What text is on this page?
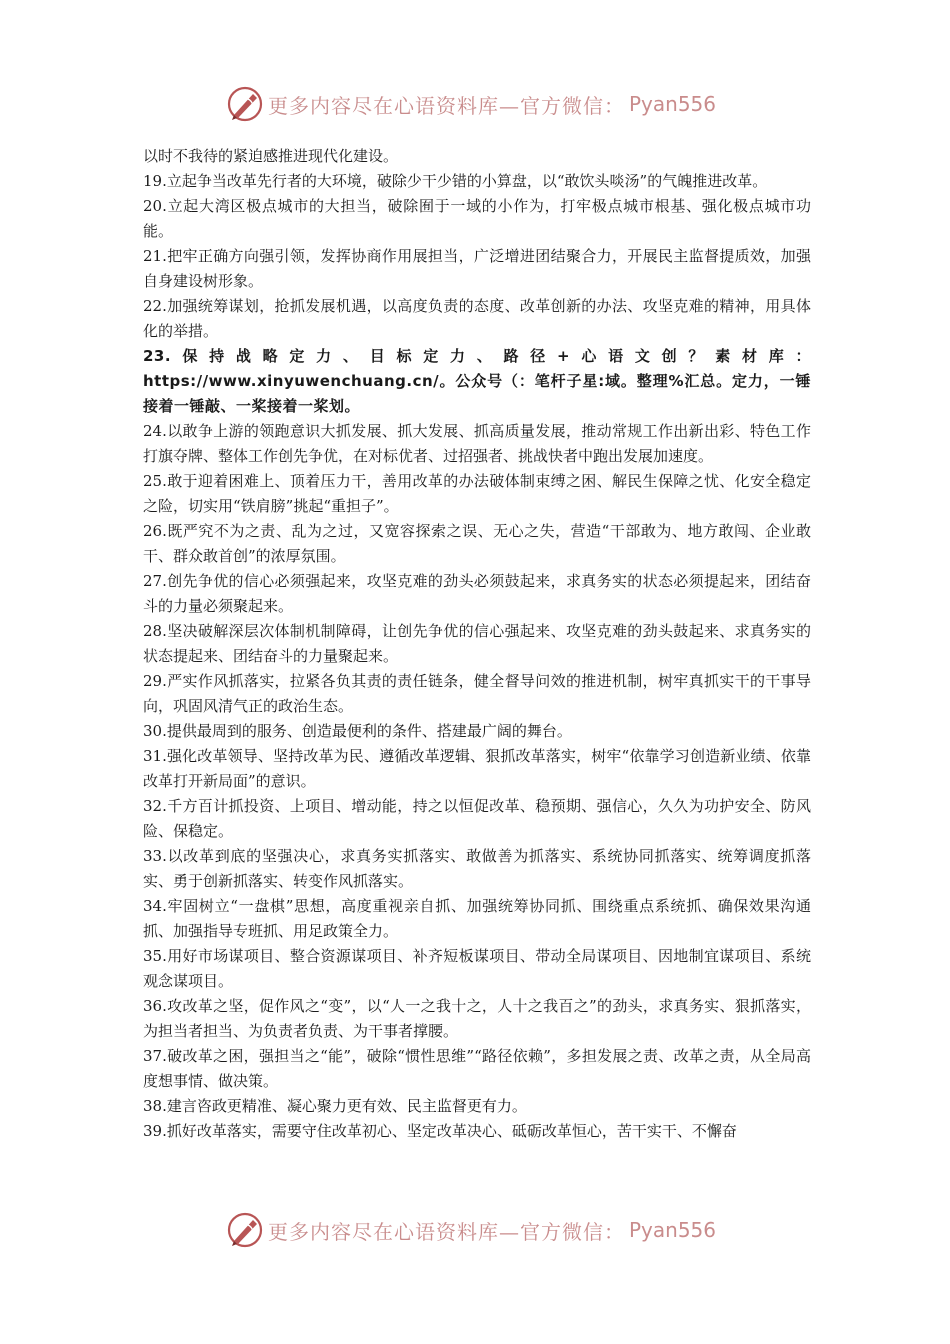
更多内容尽在心语资料库—官方微信： Pyan556

以时不我待的紧迫感推进现代化建设。

19.立起争当改革先行者的大环境，破除少干少错的小算盘，以“敢饮头啖汤”的气魄推进改革。

20.立起大湾区极点城市的大担当，破除囿于一域的小作为，打牢极点城市根基、强化极点城市功能。

21.把牢正确方向强引领，发挥协商作用展担当，广泛增进团结聚合力，开展民主监督提质效，加强自身建设树形象。

22.加强统筹谋划，抢抓发展机遇，以高度负责的态度、改革创新的办法、攻坚克难的精神，用具体化的举措。

23.保持战略定力、目标定力、路径+心语文创？素材库：https://www.xinyuwenchuang.cn/。公众号（：笔杆子星:域。整理%汇总。定力，一锤接着一锤敲、一桨接着一桨划。

24.以敢争上游的领跑意识大抓发展、抓大发展、抓高质量发展，推动常规工作出新出彩、特色工作打旗夺牌、整体工作创先争优，在对标优者、过招强者、挑战快者中跑出发展加速度。

25.敢于迎着困难上、顶着压力干，善用改革的办法破体制束缚之困、解民生保障之忧、化安全稳定之险，切实用“铁肩膀”挑起“重担子”。

26.既严究不为之责、乱为之过，又宽容探索之误、无心之失，营造“干部敢为、地方敢闯、企业敢干、群众敢首创”的浓厚氛围。

27.创先争优的信心必须强起来，攻坚克难的劲头必须鼓起来，求真务实的状态必须提起来，团结奋斗的力量必须聚起来。

28.坚决破解深层次体制机制障碍，让创先争优的信心强起来、攻坚克难的劲头鼓起来、求真务实的状态提起来、团结奋斗的力量聚起来。

29.严实作风抓落实，拉紧各负其责的责任链条，健全督导问效的推进机制，树牢真抓实干的干事导向，巩固风清气正的政治生态。

30.提供最周到的服务、创造最便利的条件、搭建最广阔的舞台。

31.强化改革领导、坚持改革为民、遵循改革逻辑、狠抓改革落实，树牢“依靠学习创造新业绩、依靠改革打开新局面”的意识。

32.千方百计抓投资、上项目、增动能，持之以恒促改革、稳预期、强信心，久久为功护安全、防风险、保稳定。

33.以改革到底的坚强决心，求真务实抓落实、敢做善为抓落实、系统协同抓落实、统筹调度抓落实、勇于创新抓落实、转变作风抓落实。

34.牢固树立“一盘棋”思想，高度重视亲自抓、加强统筹协同抓、围绕重点系统抓、确保效果沟通抓、加强指导专班抓、用足政策全力。

35.用好市场谋项目、整合资源谋项目、补齐短板谋项目、带动全局谋项目、因地制宜谋项目、系统观念谋项目。

36.攻改革之坚，促作风之“变”，以“人一之我十之，人十之我百之”的劲头，求真务实、狠抓落实，为担当者担当、为负责者负责、为干事者撑腰。

37.破改革之困，强担当之“能”，破除“惯性思维”“路径依赖”，多担发展之责、改革之责，从全局高度想事情、做决策。

38.建言咨政更精准、凝心聚力更有效、民主监督更有力。

39.抓好改革落实，需要守住改革初心、坚定改革决心、砥砺改革恒心，苦干实干、不懈奋

更多内容尽在心语资料库—官方微信： Pyan556
